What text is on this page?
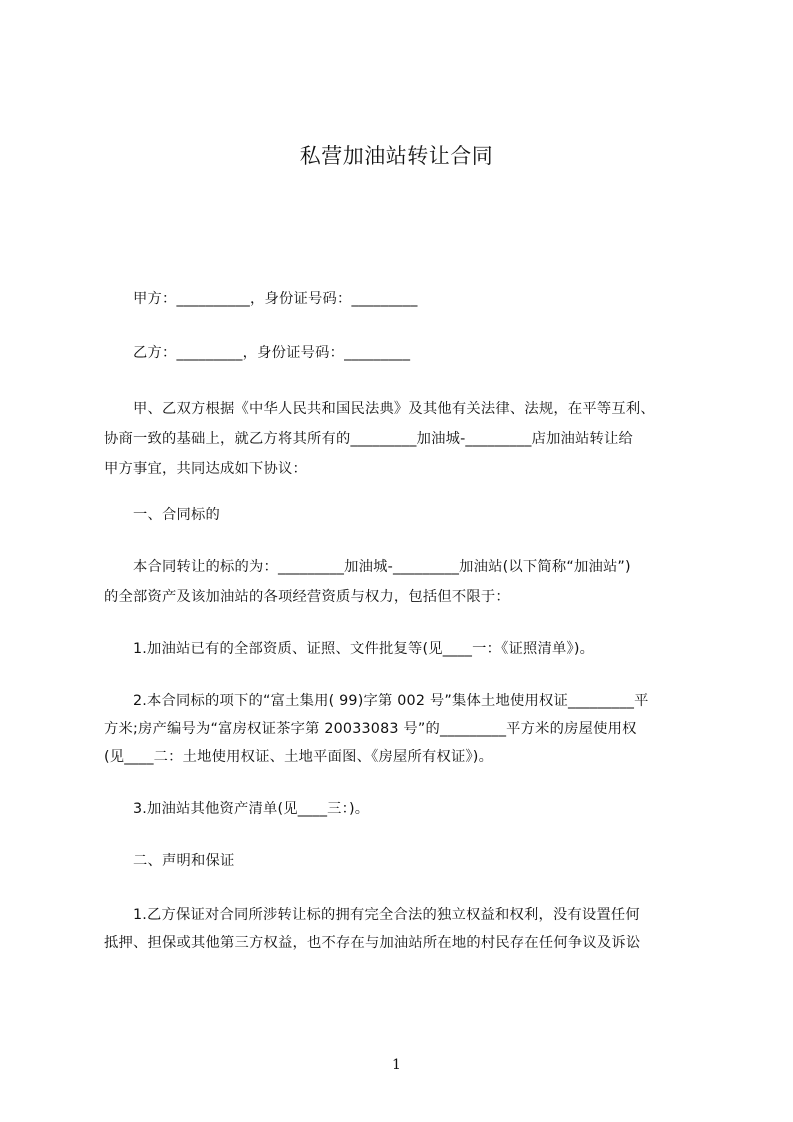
私营加油站转让合同
　　甲方：__________，身份证号码：_________
　　乙方：_________，身份证号码：_________
　　甲、乙双方根据《中华人民共和国民法典》及其他有关法律、法规，在平等互利、
协商一致的基础上，就乙方将其所有的_________加油城-_________店加油站转让给
甲方事宜，共同达成如下协议：
　　一、合同标的
　　本合同转让的标的为：_________加油城-_________加油站(以下简称“加油站”)
的全部资产及该加油站的各项经营资质与权力，包括但不限于：
　　1.加油站已有的全部资质、证照、文件批复等(见____一：《证照清单》)。
　　2.本合同标的项下的“富土集用( 99)字第 002 号”集体土地使用权证_________平
方米;房产编号为“富房权证茶字第 20033083 号”的_________平方米的房屋使用权
(见____二：土地使用权证、土地平面图、《房屋所有权证》)。
　　3.加油站其他资产清单(见____三：)。
　　二、声明和保证
　　1.乙方保证对合同所涉转让标的拥有完全合法的独立权益和权利，没有设置任何
抵押、担保或其他第三方权益，也不存在与加油站所在地的村民存在任何争议及诉讼
1
